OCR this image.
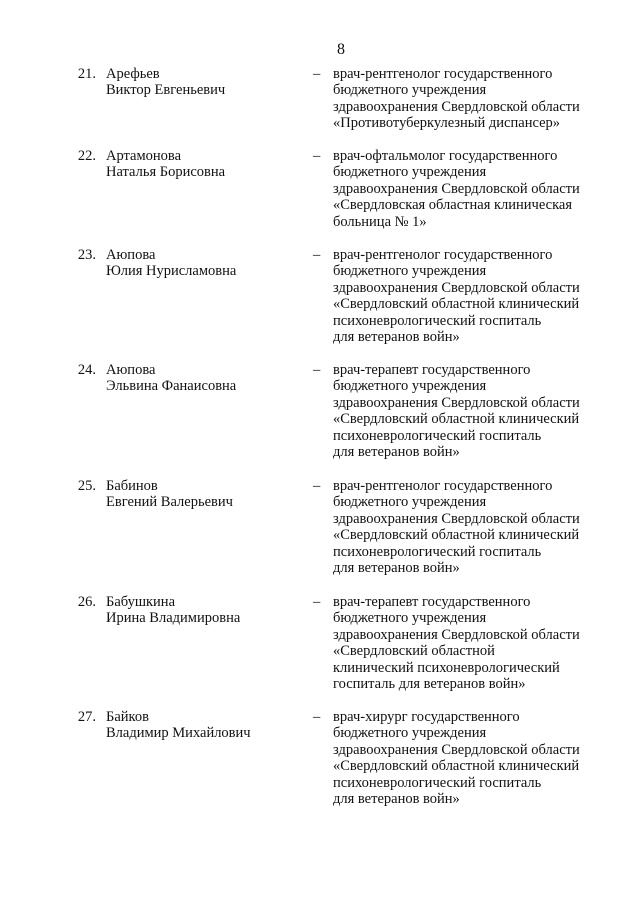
8
21. Арефьев
Виктор Евгеньевич
– врач-рентгенолог государственного
бюджетного учреждения
здравоохранения Свердловской области
«Противотуберкулезный диспансер»
22. Артамонова
Наталья Борисовна
– врач-офтальмолог государственного
бюджетного учреждения
здравоохранения Свердловской области
«Свердловская областная клиническая
больница № 1»
23. Аюпова
Юлия Нурисламовна
– врач-рентгенолог государственного
бюджетного учреждения
здравоохранения Свердловской области
«Свердловский областной клинический
психоневрологический госпиталь
для ветеранов войн»
24. Аюпова
Эльвина Фанаисовна
– врач-терапевт государственного
бюджетного учреждения
здравоохранения Свердловской области
«Свердловский областной клинический
психоневрологический госпиталь
для ветеранов войн»
25. Бабинов
Евгений Валерьевич
– врач-рентгенолог государственного
бюджетного учреждения
здравоохранения Свердловской области
«Свердловский областной клинический
психоневрологический госпиталь
для ветеранов войн»
26. Бабушкина
Ирина Владимировна
– врач-терапевт государственного
бюджетного учреждения
здравоохранения Свердловской области
«Свердловский областной
клинический психоневрологический
госпиталь для ветеранов войн»
27. Байков
Владимир Михайлович
– врач-хирург государственного
бюджетного учреждения
здравоохранения Свердловской области
«Свердловский областной клинический
психоневрологический госпиталь
для ветеранов войн»
